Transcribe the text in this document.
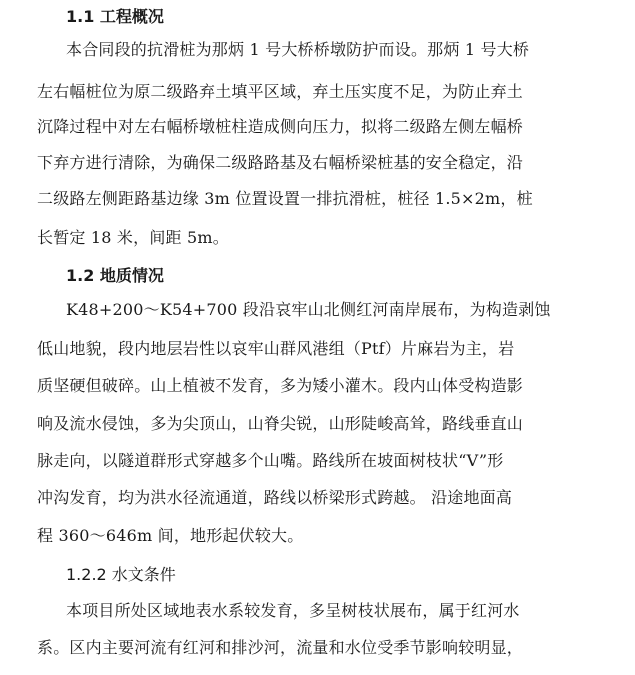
1.1 工程概况

本合同段的抗滑桩为那炳 1 号大桥桥墩防护而设。那炳 1 号大桥

左右幅桩位为原二级路弃土填平区域，弃土压实度不足，为防止弃土

沉降过程中对左右幅桥墩桩柱造成侧向压力，拟将二级路左侧左幅桥

下弃方进行清除，为确保二级路路基及右幅桥梁桩基的安全稳定，沿

二级路左侧距路基边缘 3m 位置设置一排抗滑桩，桩径 1.5×2m，桩

长暂定 18 米，间距 5m。

1.2 地质情况

K48+200～K54+700 段沿哀牢山北侧红河南岸展布，为构造剥蚀

低山地貌，段内地层岩性以哀牢山群风港组（Ptf）片麻岩为主，岩

质坚硬但破碎。山上植被不发育，多为矮小灌木。段内山体受构造影

响及流水侵蚀，多为尖顶山，山脊尖锐，山形陡峻高耸，路线垂直山

脉走向，以隧道群形式穿越多个山嘴。路线所在坡面树枝状“V”形

冲沟发育，均为洪水径流通道，路线以桥梁形式跨越。 沿途地面高

程 360～646m 间，地形起伏较大。

1.2.2 水文条件

本项目所处区域地表水系较发育，多呈树枝状展布，属于红河水

系。区内主要河流有红河和排沙河，流量和水位受季节影响较明显，
